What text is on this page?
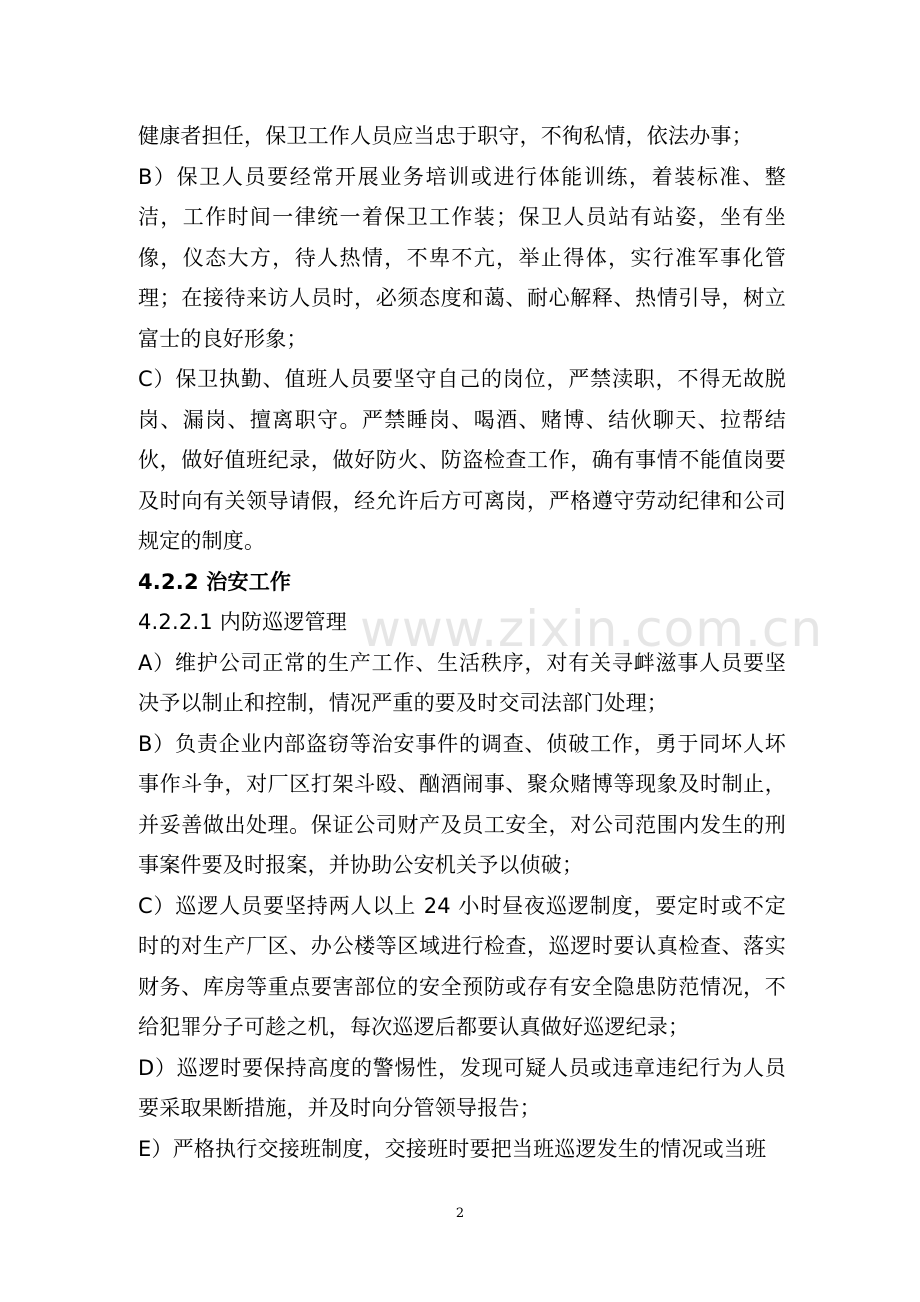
www.zixin.com.cn

健康者担任，保卫工作人员应当忠于职守，不徇私情，依法办事；

B）保卫人员要经常开展业务培训或进行体能训练，着装标准、整洁，工作时间一律统一着保卫工作装；保卫人员站有站姿，坐有坐像，仪态大方，待人热情，不卑不亢，举止得体，实行准军事化管理；在接待来访人员时，必须态度和蔼、耐心解释、热情引导，树立富士的良好形象；

C）保卫执勤、值班人员要坚守自己的岗位，严禁渎职，不得无故脱岗、漏岗、擅离职守。严禁睡岗、喝酒、赌博、结伙聊天、拉帮结伙，做好值班纪录，做好防火、防盗检查工作，确有事情不能值岗要及时向有关领导请假，经允许后方可离岗，严格遵守劳动纪律和公司规定的制度。

4.2.2 治安工作

4.2.2.1 内防巡逻管理

A）维护公司正常的生产工作、生活秩序，对有关寻衅滋事人员要坚决予以制止和控制，情况严重的要及时交司法部门处理；

B）负责企业内部盗窃等治安事件的调查、侦破工作，勇于同坏人坏事作斗争，对厂区打架斗殴、酗酒闹事、聚众赌博等现象及时制止，并妥善做出处理。保证公司财产及员工安全，对公司范围内发生的刑事案件要及时报案，并协助公安机关予以侦破；

C）巡逻人员要坚持两人以上 24 小时昼夜巡逻制度，要定时或不定时的对生产厂区、办公楼等区域进行检查，巡逻时要认真检查、落实财务、库房等重点要害部位的安全预防或存有安全隐患防范情况，不给犯罪分子可趁之机，每次巡逻后都要认真做好巡逻纪录；

D）巡逻时要保持高度的警惕性，发现可疑人员或违章违纪行为人员要采取果断措施，并及时向分管领导报告；

E）严格执行交接班制度，交接班时要把当班巡逻发生的情况或当班

2
